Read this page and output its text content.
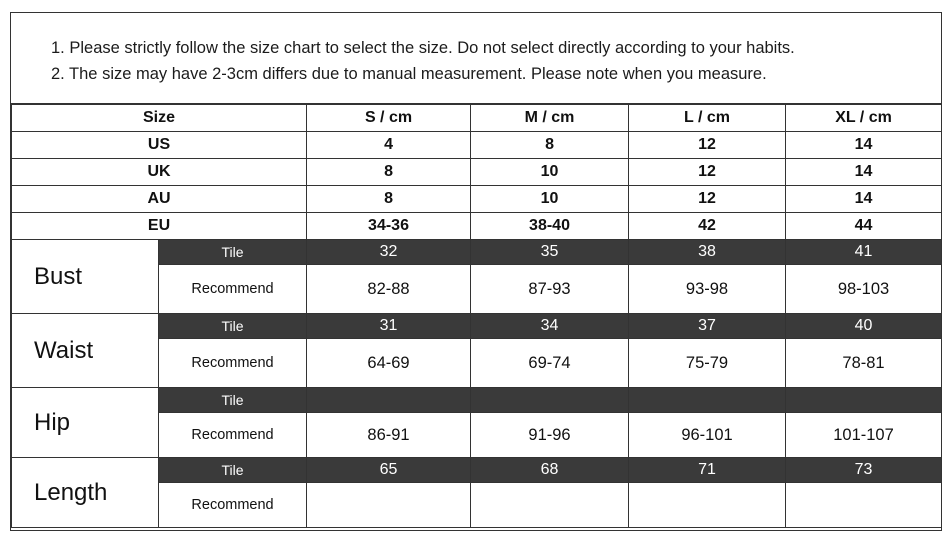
1. Please strictly follow the size chart to select the size. Do not select directly according to your habits.
2. The size may have 2-3cm differs due to manual measurement. Please note when you measure.
Size		S / cm	M / cm	L / cm	XL / cm
US		4	8	12	14
UK		8	10	12	14
AU		8	10	12	14
EU		34-36	38-40	42	44
Bust	Tile	32	35	38	41
	Recommend	82-88	87-93	93-98	98-103
Waist	Tile	31	34	37	40
	Recommend	64-69	69-74	75-79	78-81
Hip	Tile				
	Recommend	86-91	91-96	96-101	101-107
Length	Tile	65	68	71	73
	Recommend				
